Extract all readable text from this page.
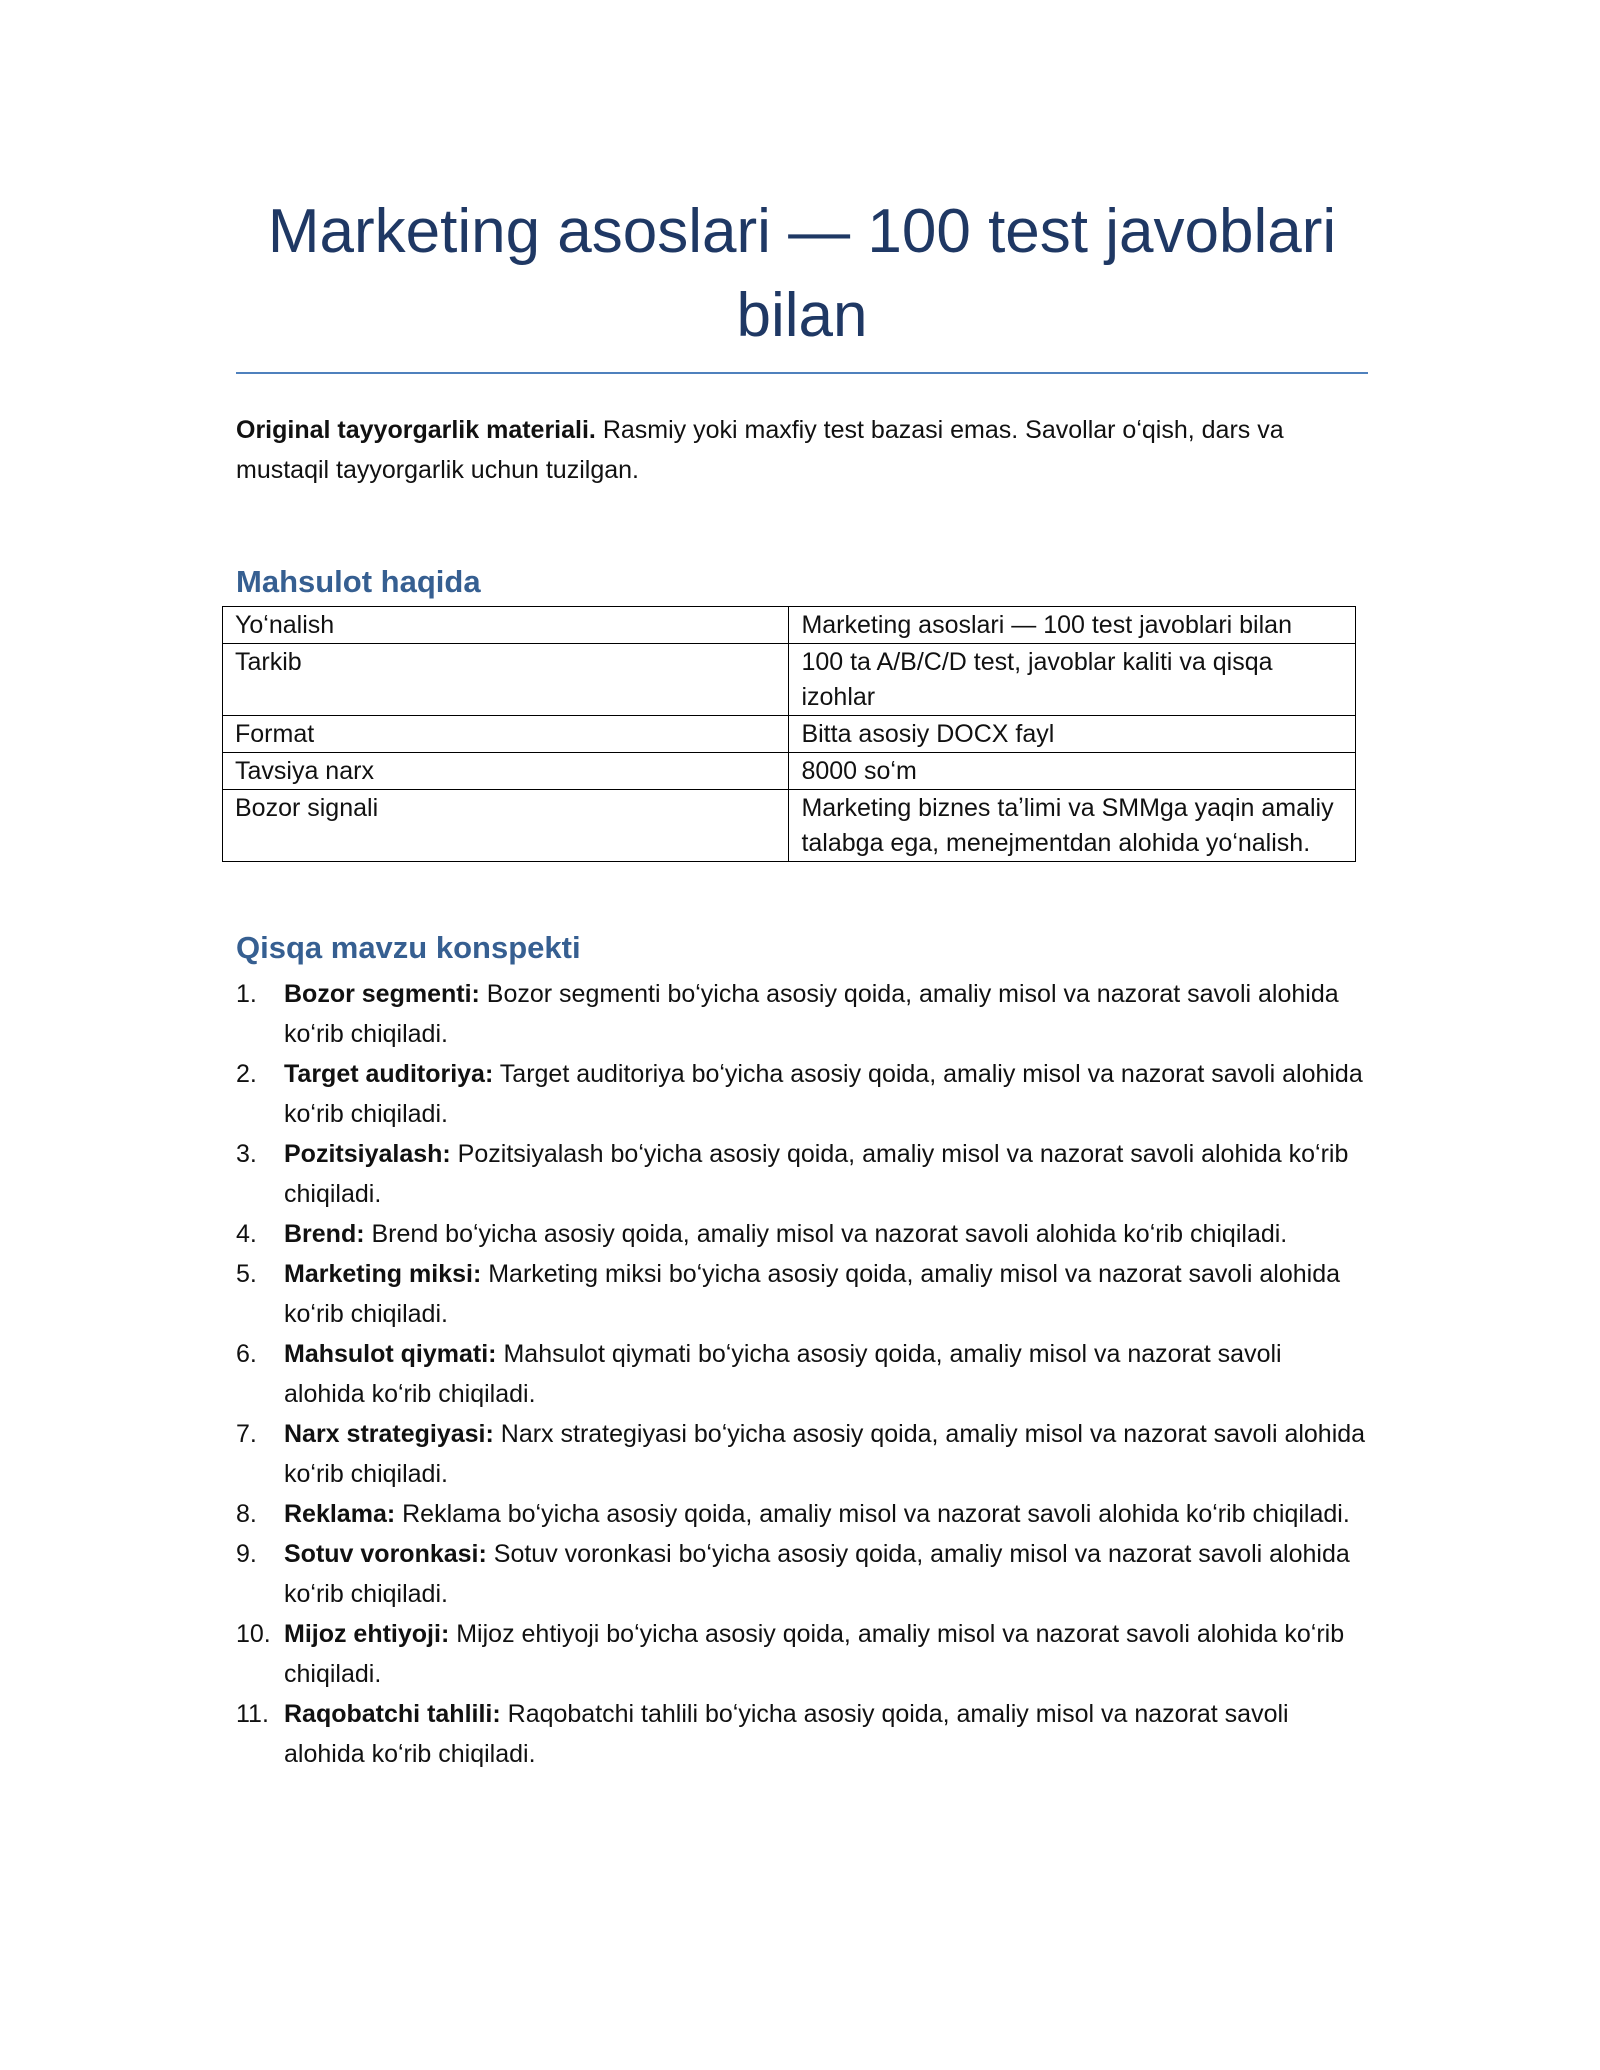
Marketing asoslari — 100 test javoblari bilan

Original tayyorgarlik materiali. Rasmiy yoki maxfiy test bazasi emas. Savollar oʻqish, dars va mustaqil tayyorgarlik uchun tuzilgan.

Mahsulot haqida
Yoʻnalish	Marketing asoslari — 100 test javoblari bilan
Tarkib	100 ta A/B/C/D test, javoblar kaliti va qisqa izohlar
Format	Bitta asosiy DOCX fayl
Tavsiya narx	8000 soʻm
Bozor signali	Marketing biznes taʼlimi va SMMga yaqin amaliy talabga ega, menejmentdan alohida yoʻnalish.
Qisqa mavzu konspekti
1. Bozor segmenti: Bozor segmenti boʻyicha asosiy qoida, amaliy misol va nazorat savoli alohida koʻrib chiqiladi.
2. Target auditoriya: Target auditoriya boʻyicha asosiy qoida, amaliy misol va nazorat savoli alohida koʻrib chiqiladi.
3. Pozitsiyalash: Pozitsiyalash boʻyicha asosiy qoida, amaliy misol va nazorat savoli alohida koʻrib chiqiladi.
4. Brend: Brend boʻyicha asosiy qoida, amaliy misol va nazorat savoli alohida koʻrib chiqiladi.
5. Marketing miksi: Marketing miksi boʻyicha asosiy qoida, amaliy misol va nazorat savoli alohida koʻrib chiqiladi.
6. Mahsulot qiymati: Mahsulot qiymati boʻyicha asosiy qoida, amaliy misol va nazorat savoli alohida koʻrib chiqiladi.
7. Narx strategiyasi: Narx strategiyasi boʻyicha asosiy qoida, amaliy misol va nazorat savoli alohida koʻrib chiqiladi.
8. Reklama: Reklama boʻyicha asosiy qoida, amaliy misol va nazorat savoli alohida koʻrib chiqiladi.
9. Sotuv voronkasi: Sotuv voronkasi boʻyicha asosiy qoida, amaliy misol va nazorat savoli alohida koʻrib chiqiladi.
10. Mijoz ehtiyoji: Mijoz ehtiyoji boʻyicha asosiy qoida, amaliy misol va nazorat savoli alohida koʻrib chiqiladi.
11. Raqobatchi tahlili: Raqobatchi tahlili boʻyicha asosiy qoida, amaliy misol va nazorat savoli alohida koʻrib chiqiladi.
